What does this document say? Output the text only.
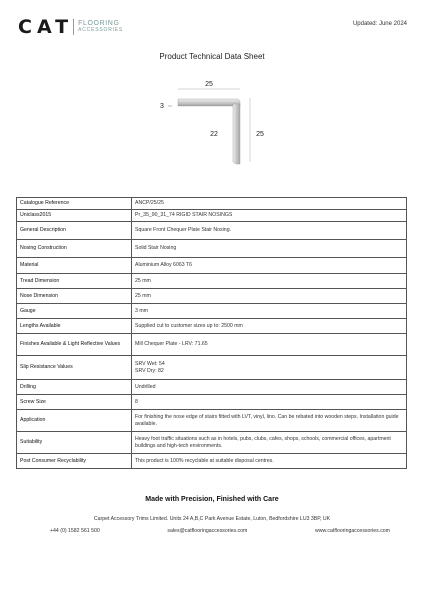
CAT FLOORING
ACCESSORIES
Updated: June 2024
Product Technical Data Sheet
25
3
22	25
Catalogue Reference	ANCP/25/25
Uniclass2015	Pr_35_90_31_74 RIGID STAIR NOSINGS
General Description	Square Front Chequer Plate Stair Nosing.
Nosing Construction	Solid Stair Nosing
Material	Aluminium Alloy 6063 T6
Tread Dimension	25 mm
Nose Dimension	25 mm
Gauge	3 mm
Lengths Available	Supplied cut to customer sizes up to: 2500 mm
Finishes Available & Light Reflective Values	Mill Chequer Plate - LRV: 71.65
Slip Resistance Values	SRV Wet: 54
SRV Dry: 82

Drilling	Undrilled
Screw Size	8
Application	For finishing the nose edge of stairs fitted with LVT, vinyl, lino. Can be rebated into wooden steps. Installation guide available.
Suitability	Heavy foot traffic situations such as in hotels, pubs, clubs, cafes, shops, schools, commercial offices, apartment buildings and high-tech environments.
Post Consumer Recyclability	This product is 100% recyclable at suitable disposal centres.
Made with Precision, Finished with Care
Carpet Accessory Trims Limited. Units 24 A,B,C Park Avenue Estate, Luton, Bedfordshire LU3 3BP, UK
+44 (0) 1582 561 500	sales@catflooringaccessories.com	www.catflooringaccessories.com
